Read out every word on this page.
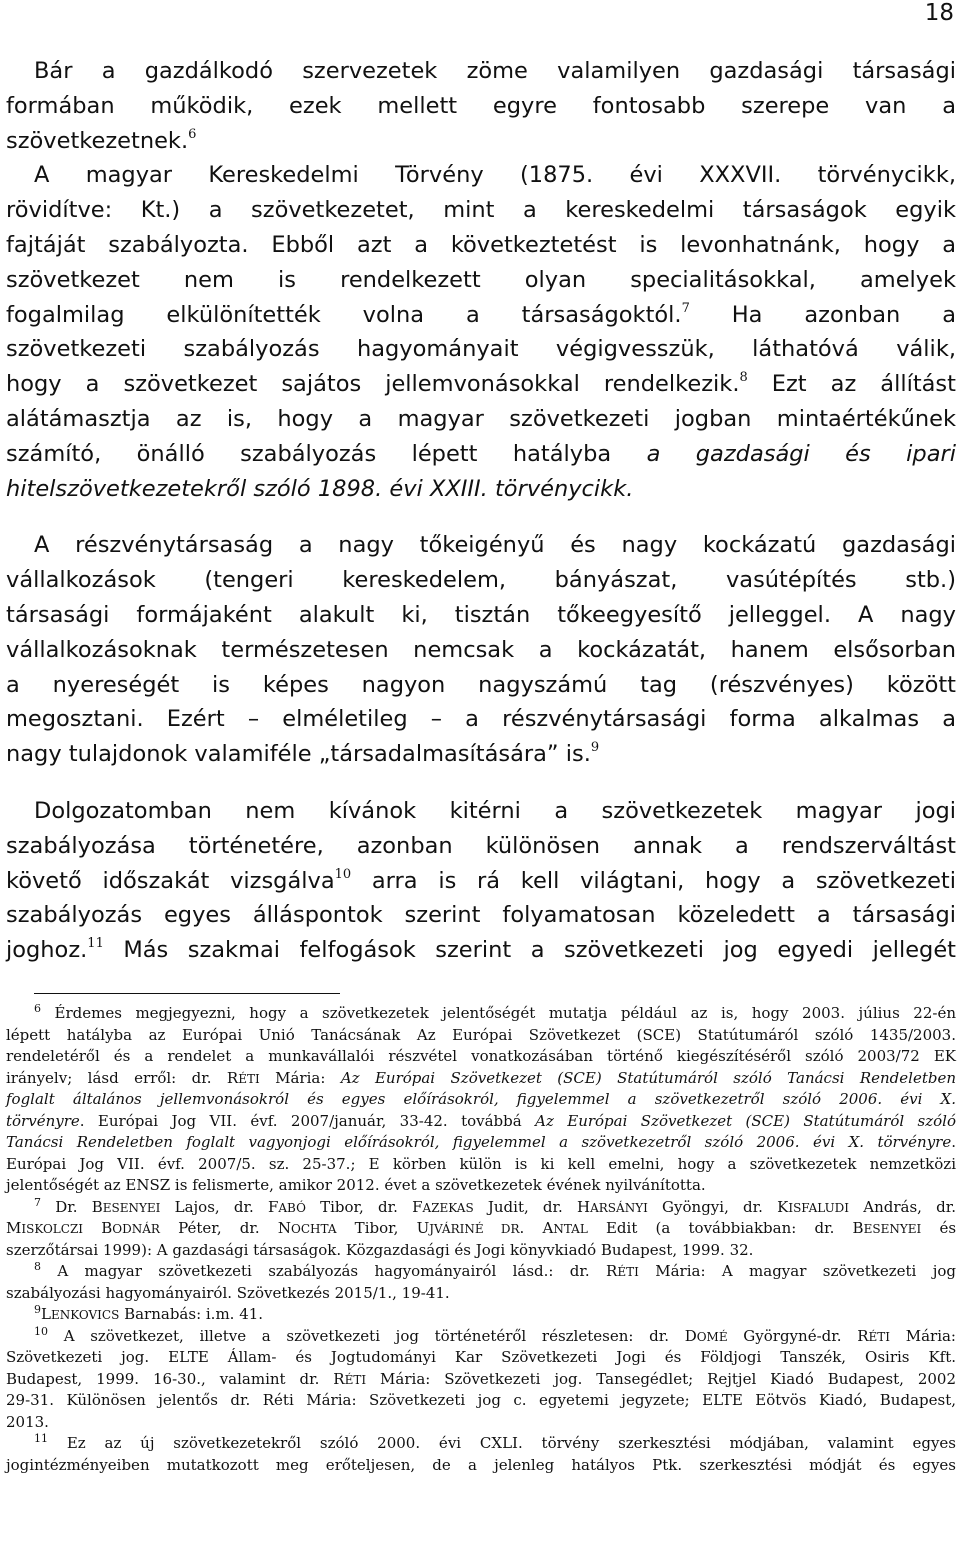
18
Bár a gazdálkodó szervezetek zöme valamilyen gazdasági társasági
formában működik, ezek mellett egyre fontosabb szerepe van a
szövetkezetnek.$^6$
A magyar Kereskedelmi Törvény (1875. évi XXXVII. törvénycikk,
rövidítve: Kt.) a szövetkezetet, mint a kereskedelmi társaságok egyik
fajtáját szabályozta. Ebből azt a következtetést is levonhatnánk, hogy a
szövetkezet nem is rendelkezett olyan specialitásokkal, amelyek
fogalmilag elkülönítették volna a társaságoktól.$^7$ Ha azonban a
szövetkezeti szabályozás hagyományait végigvesszük, láthatóvá válik,
hogy a szövetkezet sajátos jellemvonásokkal rendelkezik.$^8$ Ezt az állítást
alátámasztja az is, hogy a magyar szövetkezeti jogban mintaértékűnek
számító, önálló szabályozás lépett hatályba a gazdasági és ipari
hitelszövetkezetekről szóló 1898. évi XXIII. törvénycikk.
A részvénytársaság a nagy tőkeigényű és nagy kockázatú gazdasági
vállalkozások (tengeri kereskedelem, bányászat, vasútépítés stb.)
társasági formájaként alakult ki, tisztán tőkeegyesítő jelleggel. A nagy
vállalkozásoknak természetesen nemcsak a kockázatát, hanem elsősorban
a nyereségét is képes nagyon nagyszámú tag (részvényes) között
megosztani. Ezért – elméletileg – a részvénytársasági forma alkalmas a
nagy tulajdonok valamiféle „társadalmasítására” is.$^9$
Dolgozatomban nem kívánok kitérni a szövetkezetek magyar jogi
szabályozása történetére, azonban különösen annak a rendszerváltást
követő időszakát vizsgálva$^{10}$ arra is rá kell világtani, hogy a szövetkezeti
szabályozás egyes álláspontok szerint folyamatosan közeledett a társasági
joghoz.$^{11}$ Más szakmai felfogások szerint a szövetkezeti jog egyedi jellegét
$^6$ Érdemes megjegyezni, hogy a szövetkezetek jelentőségét mutatja például az is, hogy 2003. július 22-én
lépett hatályba az Európai Unió Tanácsának Az Európai Szövetkezet (SCE) Statútumáról szóló 1435/2003.
rendeletéről és a rendelet a munkavállalói részvétel vonatkozásában történő kiegészítéséről szóló 2003/72 EK
irányelv; lásd erről: dr. RÉTI Mária: Az Európai Szövetkezet (SCE) Statútumáról szóló Tanácsi Rendeletben
foglalt általános jellemvonásokról és egyes előírásokról, figyelemmel a szövetkezetről szóló 2006. évi X.
törvényre. Európai Jog VII. évf. 2007/január, 33-42. továbbá Az Európai Szövetkezet (SCE) Statútumáról szóló
Tanácsi Rendeletben foglalt vagyonjogi előírásokról, figyelemmel a szövetkezetről szóló 2006. évi X. törvényre.
Európai Jog VII. évf. 2007/5. sz. 25-37.; E körben külön is ki kell emelni, hogy a szövetkezetek nemzetközi
jelentőségét az ENSZ is felismerte, amikor 2012. évet a szövetkezetek évének nyilvánította.
$^7$ Dr. BESENYEI Lajos, dr. FABÓ Tibor, dr. FAZEKAS Judit, dr. HARSÁNYI Gyöngyi, dr. KISFALUDI András, dr.
MISKOLCZI BODNÁR Péter, dr. NOCHTA Tibor, UJVÁRINÉ DR. ANTAL Edit (a továbbiakban: dr. BESENYEI és
szerzőtársai 1999): A gazdasági társaságok. Közgazdasági és Jogi könyvkiadó Budapest, 1999. 32.
$^8$ A magyar szövetkezeti szabályozás hagyományairól lásd.: dr. RÉTI Mária: A magyar szövetkezeti jog
szabályozási hagyományairól. Szövetkezés 2015/1., 19-41.
$^9$LENKOVICS Barnabás: i.m. 41.
$^{10}$ A szövetkezet, illetve a szövetkezeti jog történetéről részletesen: dr. DOMÉ Györgyné-dr. RÉTI Mária:
Szövetkezeti jog. ELTE Állam- és Jogtudományi Kar Szövetkezeti Jogi és Földjogi Tanszék, Osiris Kft.
Budapest, 1999. 16-30., valamint dr. RÉTI Mária: Szövetkezeti jog. Tansegédlet; Rejtjel Kiadó Budapest, 2002
29-31. Különösen jelentős dr. Réti Mária: Szövetkezeti jog c. egyetemi jegyzete; ELTE Eötvös Kiadó, Budapest,
2013.
$^{11}$ Ez az új szövetkezetekről szóló 2000. évi CXLI. törvény szerkesztési módjában, valamint egyes
jogintézményeiben mutatkozott meg erőteljesen, de a jelenleg hatályos Ptk. szerkesztési módját és egyes
